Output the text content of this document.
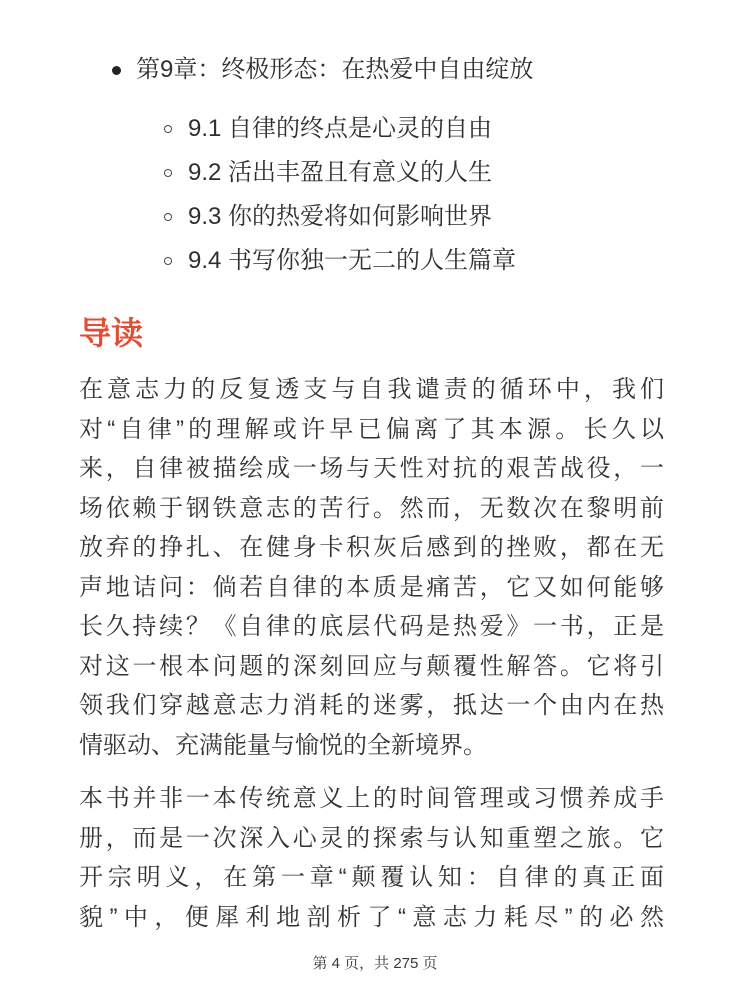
第9章：终极形态：在热爱中自由绽放
9.1 自律的终点是心灵的自由
9.2 活出丰盈且有意义的人生
9.3 你的热爱将如何影响世界
9.4 书写你独一无二的人生篇章
导读
在意志力的反复透支与自我谴责的循环中，我们
对“自律”的理解或许早已偏离了其本源。长久以
来，自律被描绘成一场与天性对抗的艰苦战役，一
场依赖于钢铁意志的苦行。然而，无数次在黎明前
放弃的挣扎、在健身卡积灰后感到的挫败，都在无
声地诘问：倘若自律的本质是痛苦，它又如何能够
长久持续？《自律的底层代码是热爱》一书，正是
对这一根本问题的深刻回应与颠覆性解答。它将引
领我们穿越意志力消耗的迷雾，抵达一个由内在热
情驱动、充满能量与愉悦的全新境界。
本书并非一本传统意义上的时间管理或习惯养成手
册，而是一次深入心灵的探索与认知重塑之旅。它
开宗明义，在第一章“颠覆认知：自律的真正面
貌”中，便犀利地剖析了“意志力耗尽”的必然
第 4 页，共 275 页
